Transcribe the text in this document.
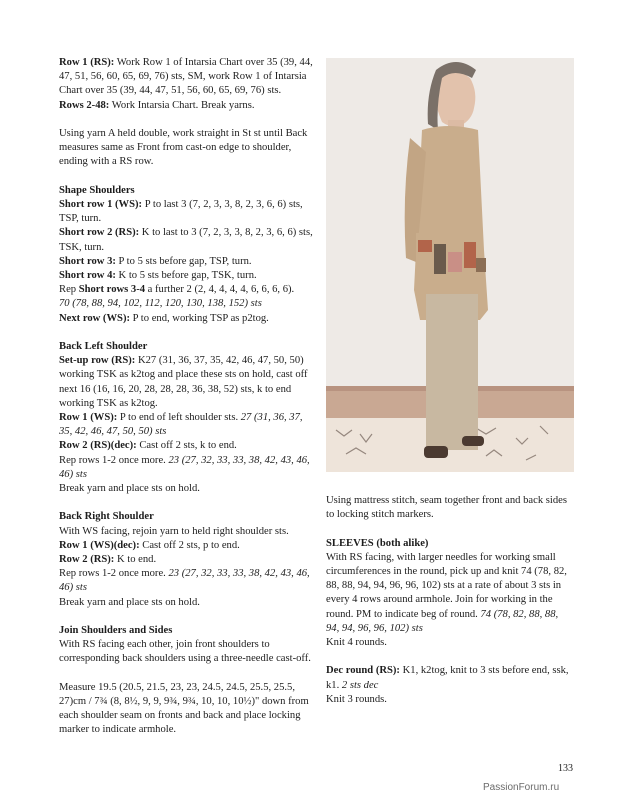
Row 1 (RS): Work Row 1 of Intarsia Chart over 35 (39, 44, 47, 51, 56, 60, 65, 69, 76) sts, SM, work Row 1 of Intarsia Chart over 35 (39, 44, 47, 51, 56, 60, 65, 69, 76) sts.

Rows 2-48: Work Intarsia Chart. Break yarns.

Using yarn A held double, work straight in St st until Back measures same as Front from cast-on edge to shoulder, ending with a RS row.

Shape Shoulders

Short row 1 (WS): P to last 3 (7, 2, 3, 3, 8, 2, 3, 6, 6) sts, TSP, turn.

Short row 2 (RS): K to last to 3 (7, 2, 3, 3, 8, 2, 3, 6, 6) sts, TSK, turn.

Short row 3: P to 5 sts before gap, TSP, turn.

Short row 4: K to 5 sts before gap, TSK, turn.

Rep Short rows 3-4 a further 2 (2, 4, 4, 4, 4, 6, 6, 6, 6).

70 (78, 88, 94, 102, 112, 120, 130, 138, 152) sts

Next row (WS): P to end, working TSP as p2tog.

Back Left Shoulder

Set-up row (RS): K27 (31, 36, 37, 35, 42, 46, 47, 50, 50) working TSK as k2tog and place these sts on hold, cast off next 16 (16, 16, 20, 28, 28, 28, 36, 38, 52) sts, k to end working TSK as k2tog.

Row 1 (WS): P to end of left shoulder sts. 27 (31, 36, 37, 35, 42, 46, 47, 50, 50) sts

Row 2 (RS)(dec): Cast off 2 sts, k to end.

Rep rows 1-2 once more. 23 (27, 32, 33, 33, 38, 42, 43, 46, 46) sts

Break yarn and place sts on hold.

Back Right Shoulder

With WS facing, rejoin yarn to held right shoulder sts.

Row 1 (WS)(dec): Cast off 2 sts, p to end.

Row 2 (RS): K to end.

Rep rows 1-2 once more. 23 (27, 32, 33, 33, 38, 42, 43, 46, 46) sts

Break yarn and place sts on hold.

Join Shoulders and Sides

With RS facing each other, join front shoulders to corresponding back shoulders using a three-needle cast-off.

Measure 19.5 (20.5, 21.5, 23, 23, 24.5, 24.5, 25.5, 25.5, 27)cm / 7¾ (8, 8½, 9, 9, 9¾, 9¾, 10, 10, 10½)" down from each shoulder seam on fronts and back and place locking marker to indicate armhole.

Using mattress stitch, seam together front and back sides to locking stitch markers.

SLEEVES (both alike)

With RS facing, with larger needles for working small circumferences in the round, pick up and knit 74 (78, 82, 88, 88, 94, 94, 96, 96, 102) sts at a rate of about 3 sts in every 4 rows around armhole. Join for working in the round. PM to indicate beg of round. 74 (78, 82, 88, 88, 94, 94, 96, 96, 102) sts

Knit 4 rounds.

Dec round (RS): K1, k2tog, knit to 3 sts before end, ssk, k1. 2 sts dec

Knit 3 rounds.

133
PassionForum.ru
